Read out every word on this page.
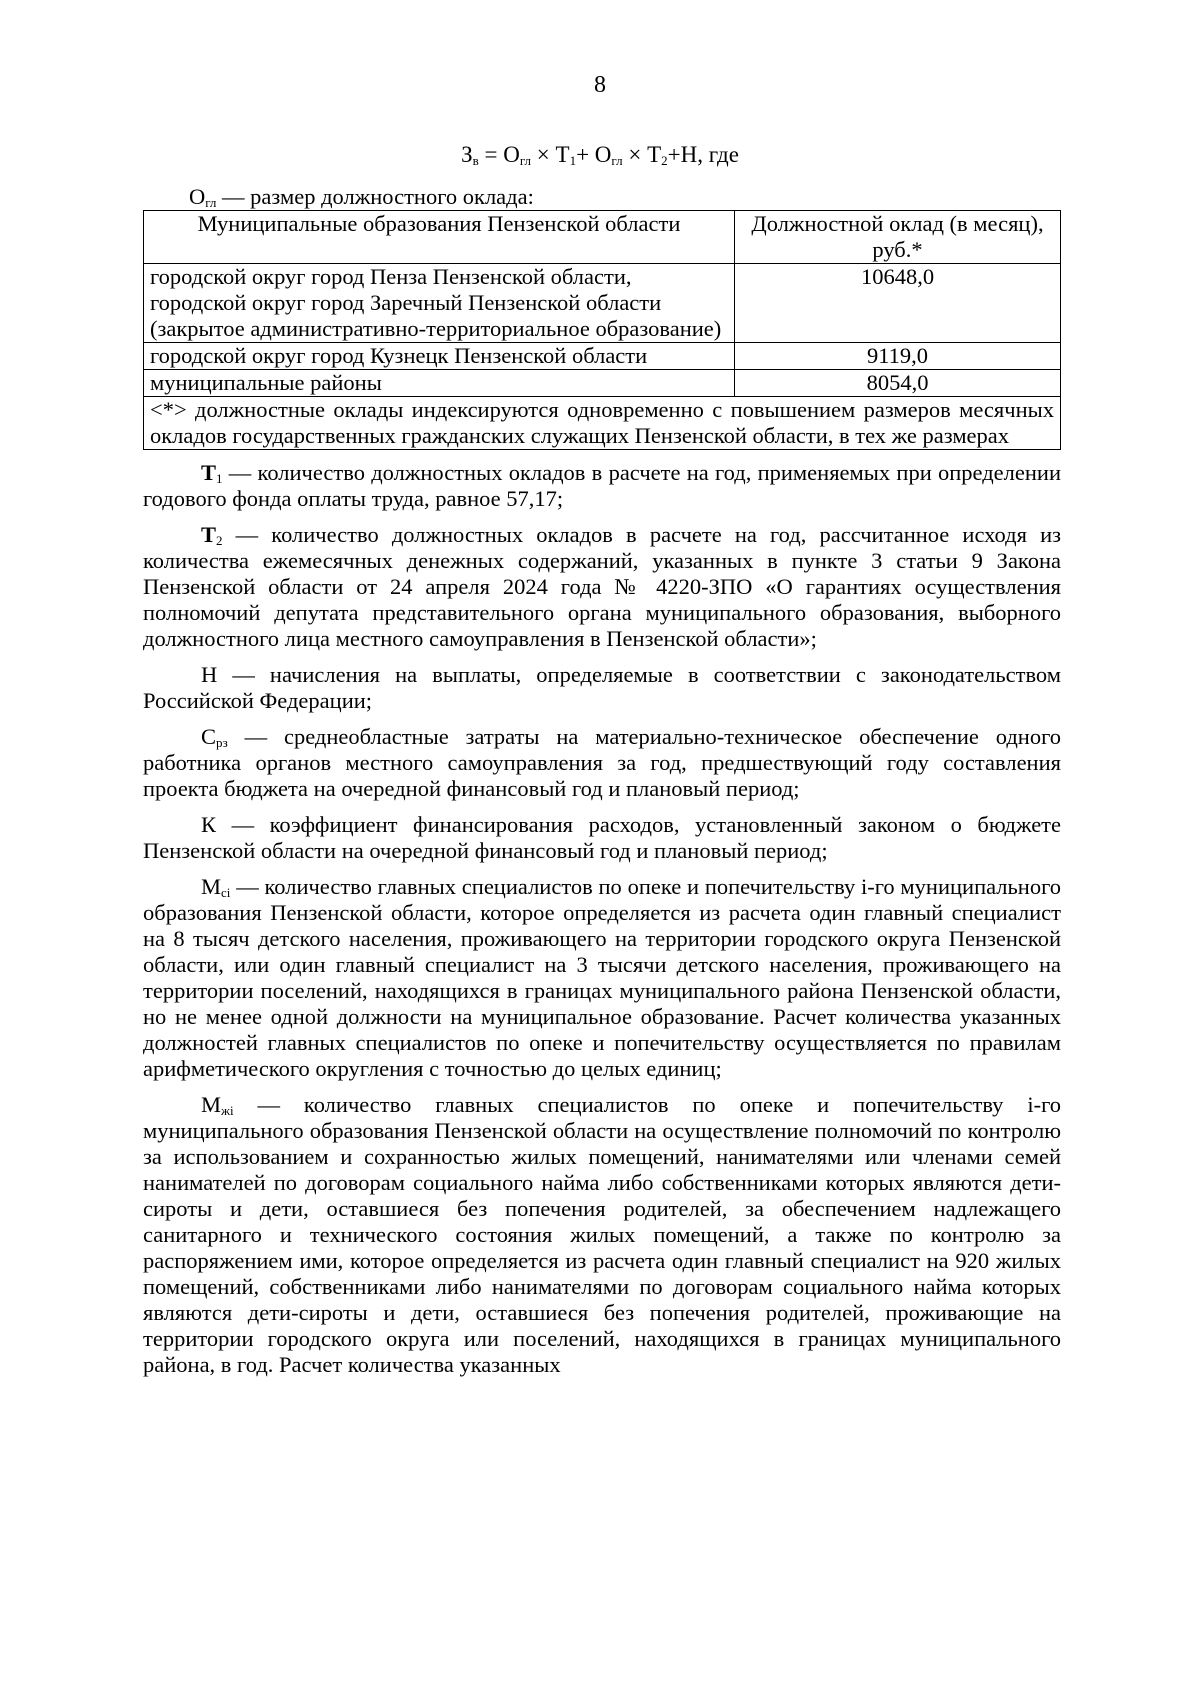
8
$З_в = О_{гл} \times Т_1+ О_{гл} \times Т_2+Н$, где

$О_{гл}$ — размер должностного оклада:

Муниципальные образования Пензенской области	Должностной оклад (в месяц), руб.*
городской округ город Пенза Пензенской области, городской округ город Заречный Пензенской области (закрытое административно-территориальное образование)	10648,0
городской округ город Кузнецк Пензенской области	9119,0
муниципальные районы	8054,0
<*> должностные оклады индексируются одновременно с повышением размеров месячных окладов государственных гражданских служащих Пензенской области, в тех же размерах	

$Т_1$ — количество должностных окладов в расчете на год, применяемых при определении годового фонда оплаты труда, равное 57,17;

$Т_2$ — количество должностных окладов в расчете на год, рассчитанное исходя из количества ежемесячных денежных содержаний, указанных в пункте 3 статьи 9 Закона Пензенской области от 24 апреля 2024 года № 4220-ЗПО «О гарантиях осуществления полномочий депутата представительного органа муниципального образования, выборного должностного лица местного самоуправления в Пензенской области»;

Н — начисления на выплаты, определяемые в соответствии с законодательством Российской Федерации;

$С_{рз}$ — среднеобластные затраты на материально-техническое обеспечение одного работника органов местного самоуправления за год, предшествующий году составления проекта бюджета на очередной финансовый год и плановый период;

К — коэффициент финансирования расходов, установленный законом о бюджете Пензенской области на очередной финансовый год и плановый период;

$М_{сi}$ — количество главных специалистов по опеке и попечительству i-го муниципального образования Пензенской области, которое определяется из расчета один главный специалист на 8 тысяч детского населения, проживающего на территории городского округа Пензенской области, или один главный специалист на 3 тысячи детского населения, проживающего на территории поселений, находящихся в границах муниципального района Пензенской области, но не менее одной должности на муниципальное образование. Расчет количества указанных должностей главных специалистов по опеке и попечительству осуществляется по правилам арифметического округления с точностью до целых единиц;

$М_{жi}$ — количество главных специалистов по опеке и попечительству i-го муниципального образования Пензенской области на осуществление полномочий по контролю за использованием и сохранностью жилых помещений, нанимателями или членами семей нанимателей по договорам социального найма либо собственниками которых являются дети-сироты и дети, оставшиеся без попечения родителей, за обеспечением надлежащего санитарного и технического состояния жилых помещений, а также по контролю за распоряжением ими, которое определяется из расчета один главный специалист на 920 жилых помещений, собственниками либо нанимателями по договорам социального найма которых являются дети-сироты и дети, оставшиеся без попечения родителей, проживающие на территории городского округа или поселений, находящихся в границах муниципального района, в год. Расчет количества указанных
